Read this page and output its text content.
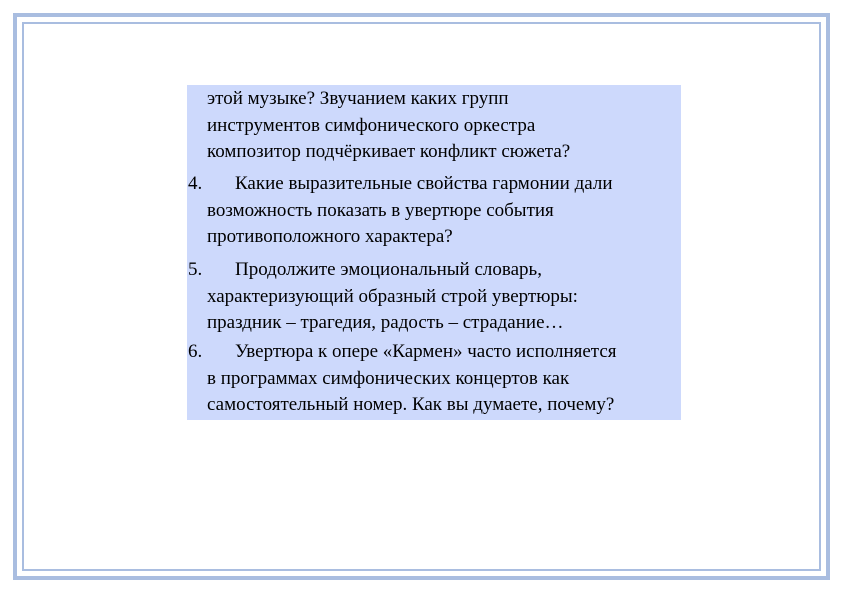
этой музыке? Звучанием каких групп
инструментов симфонического оркестра
композитор подчёркивает конфликт сюжета?
4. Какие выразительные свойства гармонии дали
возможность показать в увертюре события
противоположного характера?
5. Продолжите эмоциональный словарь,
характеризующий образный строй увертюры:
праздник – трагедия, радость – страдание…
6. Увертюра к опере «Кармен» часто исполняется
в программах симфонических концертов как
самостоятельный номер. Как вы думаете, почему?
